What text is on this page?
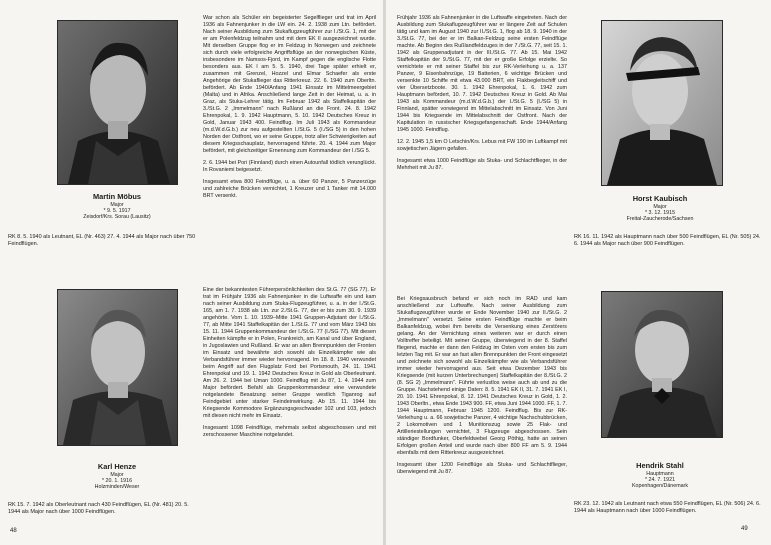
Martin Möbus
Major
* 9. 5. 1917
Zeisdorf/Krs. Sorau (Lausitz)
RK 8. 5. 1940 als Leutnant, EL (Nr. 463) 27. 4. 1944 als Major nach über 750 Feindflügen.

War schon als Schüler ein begeisterter Segelflieger und trat im April 1936 als Fahnenjunker in die LW ein. 24. 2. 1938 zum Ltn. befördert. Nach seiner Ausbildung zum Stukaflugzeugführer zur I./St.G. 1, mit der er am Polenfeldzug teilnahm und mit dem EK II ausgezeichnet wurde. Mit derselben Gruppe flog er im Feldzug in Norwegen und zeichnete sich durch viele erfolgreiche Angriffsflüge an der norwegischen Küste, insbesondere im Namsos-Fjord, im Kampf gegen die englische Flotte besonders aus. EK I am 5. 5. 1940, drei Tage später erhielt er, zusammen mit Grenzel, Hozzel und Elmar Schaefer als erste Angehörige der Stukaflieger das Ritterkreuz. 22. 6. 1940 zum Oberltn. befördert. Ab Ende 1940/Anfang 1941 Einsatz im Mittelmeergebiet (Malta) und in Afrika. Anschließend lange Zeit in der Heimat, u. a. in Graz, als Stuka-Lehrer tätig. Im Februar 1942 als Staffelkapitän der 3./St.G. 2 „Immelmann" nach Rußland an die Front. 24. 8. 1942 Ehrenpokal, 1. 9. 1942 Hauptmann, 5. 10. 1942 Deutsches Kreuz in Gold, Januar 1943 400. Feindflug. Im Juli 1943 als Kommandeur (m.d.W.d.G.b.) zur neu aufgestellten I./St.G. 5 (I./SG 5) in den hohen Norden der Ostfront, wo er seine Gruppe, trotz aller Schwierigkeiten auf diesem Kriegsschauplatz, hervorragend führte. 20. 4. 1944 zum Major befördert, mit gleichzeitiger Ernennung zum Kommandeur der I./SG 5.

2. 6. 1944 bei Pori (Finnland) durch einen Autounfall tödlich verunglückt. In Rovaniemi beigesetzt.

Insgesamt etwa 800 Feindflüge, u. a. über 60 Panzer, 5 Panzerzüge und zahlreiche Brücken vernichtet, 1 Kreuzer und 1 Tanker mit 14.000 BRT versenkt.

Karl Henze
Major
* 20. 1. 1916
Holzminden/Weser
RK 15. 7. 1942 als Oberleutnant nach 430 Feindflügen, EL (Nr. 481) 20. 5. 1944 als Major nach über 1000 Feindflügen.

Eine der bekanntesten Führerpersönlichkeiten des St.G. 77 (SG 77). Er trat im Frühjahr 1936 als Fahnenjunker in die Luftwaffe ein und kam nach seiner Ausbildung zum Stuka-Flugzeugführer, u. a. in der I./St.G. 165, am 1. 7. 1938 als Ltn. zur 2./St.G. 77, der er bis zum 30. 9. 1939 angehörte. Vom 1. 10. 1939–Mitte 1941 Gruppen-Adjutant der I./St.G. 77, ab Mitte 1941 Staffelkapitän der 1./St.G. 77 und vom März 1943 bis 15. 11. 1944 Gruppenkommandeur der I./St.G. 77 (I./SG 77). Mit diesen Einheiten kämpfte er in Polen, Frankreich, am Kanal und über England, in Jugoslawien und Rußland. Er war an allen Brennpunkten der Fronten im Einsatz und bewährte sich sowohl als Einzelkämpfer wie als Verbandsführer immer wieder hervorragend. Im 18. 8. 1940 verwundet beim Angriff auf den Flugplatz Ford bei Portsmouth, 24. 11. 1941 Ehrenpokal und 19. 1. 1942 Deutsches Kreuz in Gold als Oberleutnant. Am 26. 2. 1944 bei Uman 1000. Feindflug mit Ju 87, 1. 4. 1944 zum Major befördert. Befahl als Gruppenkommandeur eine verwundete notgelandete Besatzung seiner Gruppe westlich Tiganrog auf Feindgebiet unter starker Feindeinwirkung. Ab 15. 11. 1944 bis Kriegsende Kommodore Ergänzungsgeschwader 102 und 103, jedoch mit diesen nicht mehr im Einsatz.

Insgesamt 1098 Feindflüge, mehrmals selbst abgeschossen und mit zerschossener Maschine notgelandet.

48

Frühjahr 1936 als Fahnenjunker in die Luftwaffe eingetreten. Nach der Ausbildung zum Stukaflugzeugführer war er längere Zeit auf Schulen tätig und kam im August 1940 zur II./St.G. 1, flog ab 18. 9. 1940 in der 3./St.G. 77, bei der er im Balkan-Feldzug seine ersten Feindflüge machte. Ab Beginn des Rußlandfeldzuges in der 7./St.G. 77, seit 15. 1. 1942 als Gruppenadjutant in der III./St.G. 77. Ab 15. Mai 1942 Staffelkapitän der 9./St.G. 77, mit der er große Erfolge erzielte. So vernichtete er mit seiner Staffel bis zur RK-Verleihung u. a. 137 Panzer, 9 Eisenbahnzüge, 19 Batterien, 6 wichtige Brücken und versenkte 10 Schiffe mit etwa 43.000 BRT, ein Flakbegleitschiff und vier Übersetzboote. 30. 1. 1942 Ehrenpokal, 1. 6. 1942 zum Hauptmann befördert, 10. 7. 1942 Deutsches Kreuz in Gold. Ab Mai 1943 als Kommandeur (m.d.W.d.G.b.) der I./St.G. 5 (I./SG 5) in Finnland, spätter vorwiegend im Mittelabschnitt im Einsatz. Von Juni 1944 bis Kriegsende im Mittelabschnitt der Ostfront. Nach der Kapitulation in russischer Kriegsgefangenschaft. Ende 1944/Anfang 1945 1000. Feindflug.

12. 2. 1945 1,5 km O Letschin/Krs. Lebus mit FW 190 im Luftkampf mit sowjetischen Jägern gefallen.

Insgesamt etwa 1000 Feindflüge als Stuka- und Schlachtflieger, in der Mehrheit mit Ju 87.

Horst Kaubisch
Major
* 3. 12. 1915
Freital-Zaucherode/Sachsen
RK 16. 11. 1942 als Hauptmann nach über 500 Feindflügen, EL (Nr. 505) 24. 6. 1944 als Major nach über 900 Feindflügen.

Bei Kriegsausbruch befand er sich noch im RAD und kam anschließend zur Luftwaffe. Nach seiner Ausbildung zum Stukaflugzeugführer wurde er Ende November 1940 zur II./St.G. 2 „Immelmann" versetzt. Seine ersten Feindflüge machte er beim Balkanfeldzug, wobei ihm bereits die Versenkung eines Zerstörers gelang. An der Vernichtung eines weiteren war er durch einen Volltreffer beteiligt. Mit seiner Gruppe, überwiegend in der 8. Staffel fliegend, machte er dann den Feldzug im Osten vom ersten bis zum letzten Tag mit. Er war an fast allen Brennpunkten der Front eingesetzt und zeichnete sich sowohl als Einzelkämpfer wie als Verbandsführer immer wieder hervorragend aus. Seit etwa Dezember 1943 bis Kriegsende (mit kurzen Unterbrechungen) Staffelkapitän der 8./St.G. 2 (8. SG 2) „Immelmann". Führte verlustlos weise auch ab und zu die Gruppe. Nachstehend einige Daten: 8. 5. 1941 EK II, 31. 7. 1941 EK I, 20. 10. 1941 Ehrenpokal, 8. 12. 1941 Deutsches Kreuz in Gold, 1. 2. 1943 Oberltn., etwa Ende 1943 900. FF, etwa Juni 1944 1000. FF, 1. 7. 1944 Hauptmann, Februar 1945 1200. Feindflug. Bis zur RK-Verleihung u. a. 66 sowjetische Panzer, 4 wichtige Nachschubbrücken, 2 Lokomotiven und 1 Munitionszug sowie 25 Flak- und Artilleriestellungen vernichtet, 3 Flugzeuge abgeschossen. Sein ständiger Bordfunker, Oberfeldwebel Georg Pöthig, hatte an seinen Erfolgen großen Anteil und wurde nach über 800 FF am 5. 9. 1944 ebenfalls mit dem Ritterkreuz ausgezeichnet.

Insgesamt über 1200 Feindflüge als Stuka- und Schlachtflieger, überwiegend mit Ju 87.

Hendrik Stahl
Hauptmann
* 24. 7. 1921
Kopenhagen/Dänemark
RK 23. 12. 1942 als Leutnant nach etwa 550 Feindflügen, EL (Nr. 506) 24. 6. 1944 als Hauptmann nach über 1000 Feindflügen.
49
